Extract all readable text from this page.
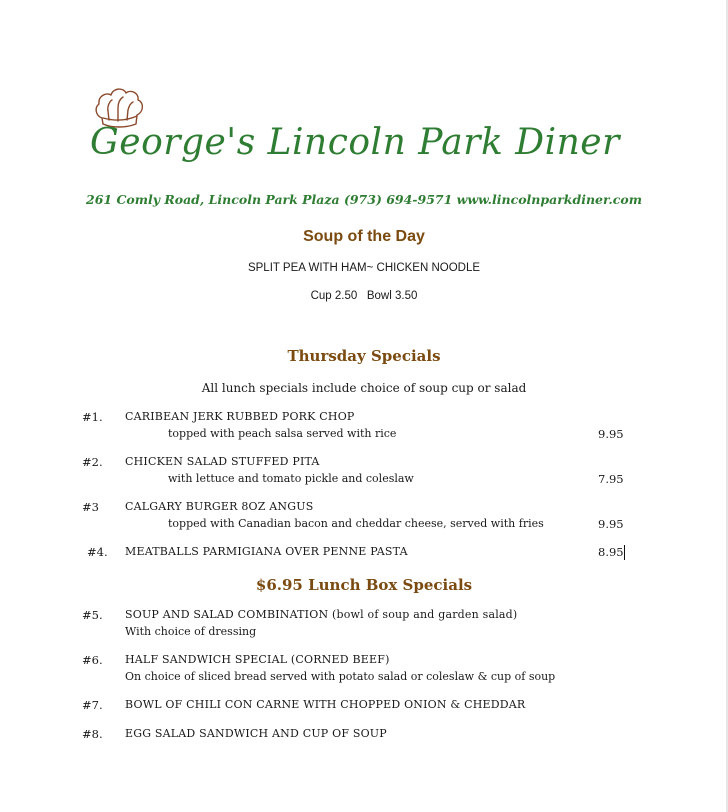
George's Lincoln Park Diner
261 Comly Road, Lincoln Park Plaza (973) 694-9571 www.lincolnparkdiner.com
Soup of the Day
SPLIT PEA WITH HAM~ CHICKEN NOODLE
Cup 2.50   Bowl 3.50
Thursday Specials
All lunch specials include choice of soup cup or salad
#1. CARIBEAN JERK RUBBED PORK CHOP
topped with peach salsa served with rice	9.95
#2. CHICKEN SALAD STUFFED PITA
with lettuce and tomato pickle and coleslaw	7.95
#3 CALGARY BURGER 8OZ ANGUS
topped with Canadian bacon and cheddar cheese, served with fries	9.95
#4. MEATBALLS PARMIGIANA OVER PENNE PASTA	8.95
$6.95 Lunch Box Specials
#5. SOUP AND SALAD COMBINATION (bowl of soup and garden salad)
With choice of dressing
#6. HALF SANDWICH SPECIAL (CORNED BEEF)
On choice of sliced bread served with potato salad or coleslaw & cup of soup
#7. BOWL OF CHILI CON CARNE WITH CHOPPED ONION & CHEDDAR
#8. EGG SALAD SANDWICH AND CUP OF SOUP
